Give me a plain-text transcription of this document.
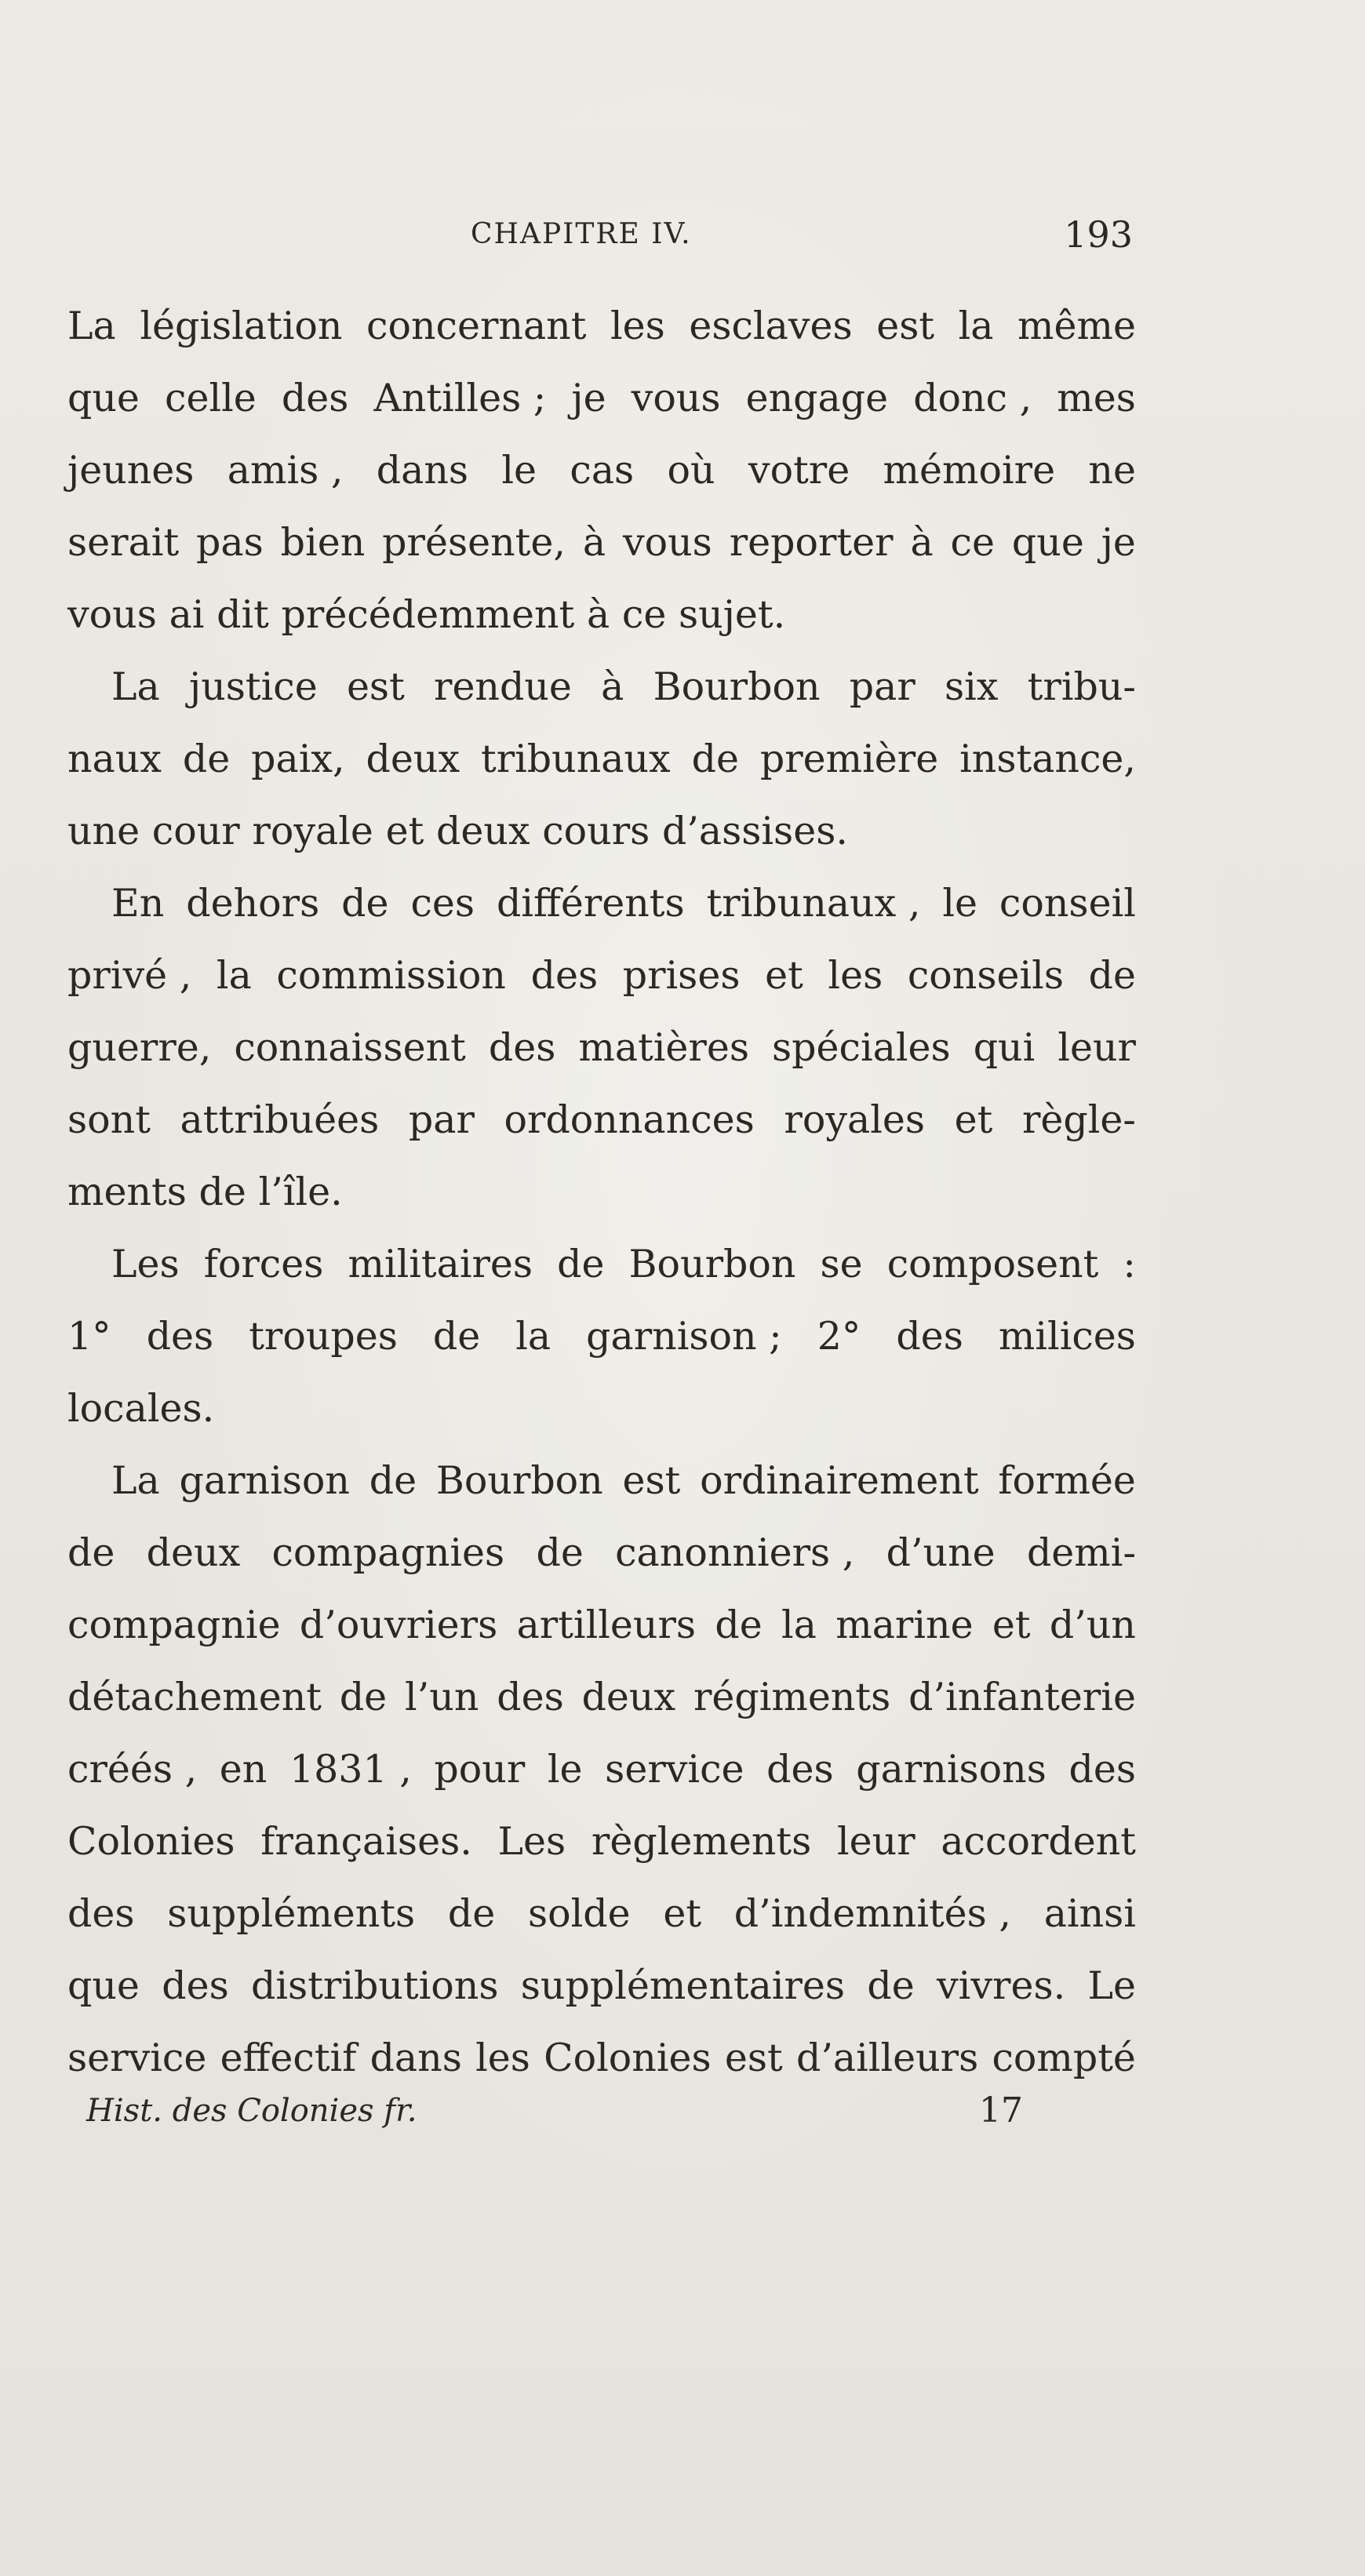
CHAPITRE IV.	193
La législation concernant les esclaves est la même
que celle des Antilles ; je vous engage donc , mes
jeunes amis , dans le cas où votre mémoire ne
serait pas bien présente, à vous reporter à ce que je
vous ai dit précédemment à ce sujet.
La justice est rendue à Bourbon par six tribu-
naux de paix, deux tribunaux de première instance,
une cour royale et deux cours d’assises.
En dehors de ces différents tribunaux , le conseil
privé , la commission des prises et les conseils de
guerre, connaissent des matières spéciales qui leur
sont attribuées par ordonnances royales et règle-
ments de l’île.
Les forces militaires de Bourbon se composent :
1° des troupes de la garnison ; 2° des milices
locales.
La garnison de Bourbon est ordinairement formée
de deux compagnies de canonniers , d’une demi-
compagnie d’ouvriers artilleurs de la marine et d’un
détachement de l’un des deux régiments d’infanterie
créés , en 1831 , pour le service des garnisons des
Colonies françaises. Les règlements leur accordent
des suppléments de solde et d’indemnités , ainsi
que des distributions supplémentaires de vivres. Le
service effectif dans les Colonies est d’ailleurs compté
Hist. des Colonies fr.	17
